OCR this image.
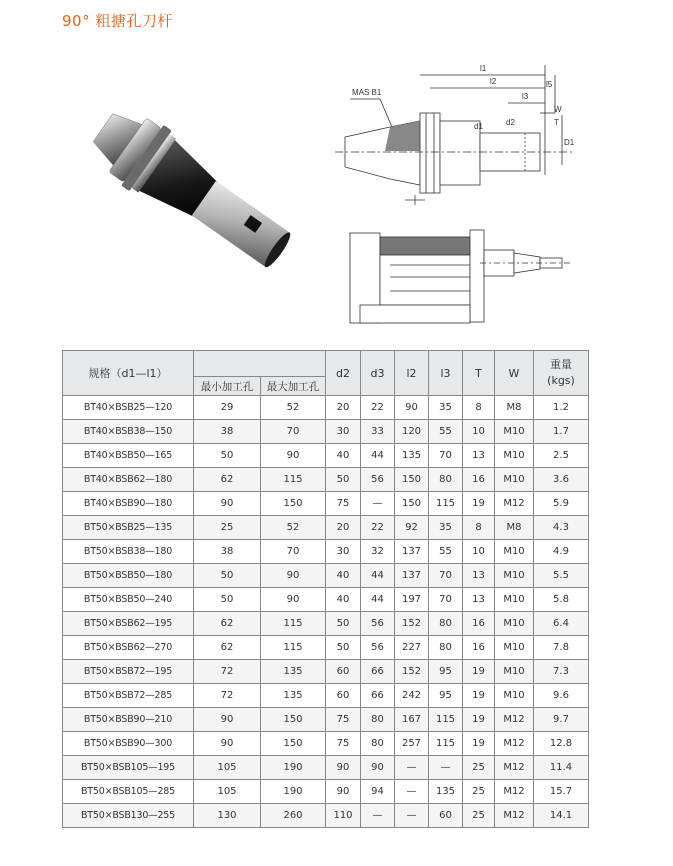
90° 粗搪孔刀杆
MAS B1
l1
l2
l3
l5
W
T
d1	d2
D1
规格（d1—l1）			d2	d3	l2	l3	T	W	重量
(kgs)

	最小加工孔	最大加工孔							
BT40×BSB25—120	29	52	20	22	90	35	8	M8	1.2
BT40×BSB38—150	38	70	30	33	120	55	10	M10	1.7
BT40×BSB50—165	50	90	40	44	135	70	13	M10	2.5
BT40×BSB62—180	62	115	50	56	150	80	16	M10	3.6
BT40×BSB90—180	90	150	75	—	150	115	19	M12	5.9
BT50×BSB25—135	25	52	20	22	92	35	8	M8	4.3
BT50×BSB38—180	38	70	30	32	137	55	10	M10	4.9
BT50×BSB50—180	50	90	40	44	137	70	13	M10	5.5
BT50×BSB50—240	50	90	40	44	197	70	13	M10	5.8
BT50×BSB62—195	62	115	50	56	152	80	16	M10	6.4
BT50×BSB62—270	62	115	50	56	227	80	16	M10	7.8
BT50×BSB72—195	72	135	60	66	152	95	19	M10	7.3
BT50×BSB72—285	72	135	60	66	242	95	19	M10	9.6
BT50×BSB90—210	90	150	75	80	167	115	19	M12	9.7
BT50×BSB90—300	90	150	75	80	257	115	19	M12	12.8
BT50×BSB105—195	105	190	90	90	—	—	25	M12	11.4
BT50×BSB105—285	105	190	90	94	—	135	25	M12	15.7
BT50×BSB130—255	130	260	110	—	—	60	25	M12	14.1
